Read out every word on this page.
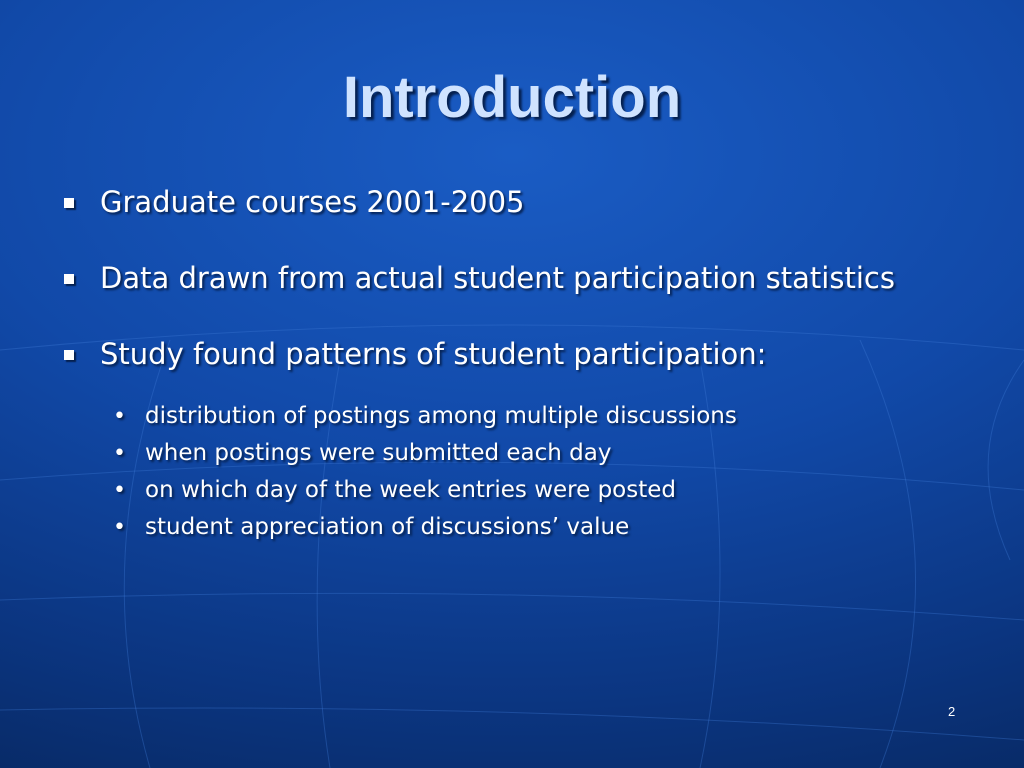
Introduction
Graduate courses 2001-2005
Data drawn from actual student participation statistics
Study found patterns of student participation:
• distribution of postings among multiple discussions
• when postings were submitted each day
• on which day of the week entries were posted
• student appreciation of discussions’ value
2
